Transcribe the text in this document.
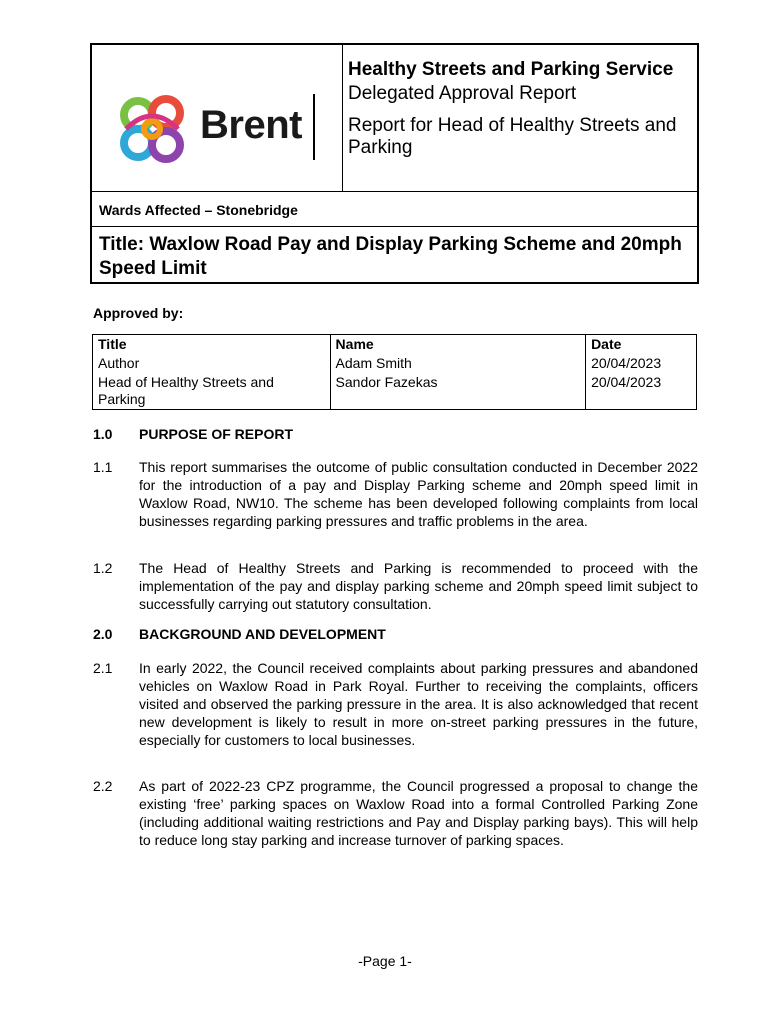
Brent
Healthy Streets and Parking Service
Delegated Approval Report
Report for Head of Healthy Streets and Parking
Wards Affected – Stonebridge
Title: Waxlow Road Pay and Display Parking Scheme and 20mph Speed Limit
Approved by:
Title	Name	Date
Author	Adam Smith	20/04/2023
Head of Healthy Streets and Parking	Sandor Fazekas	20/04/2023
1.0 PURPOSE OF REPORT
1.1 This report summarises the outcome of public consultation conducted in December 2022 for the introduction of a pay and Display Parking scheme and 20mph speed limit in Waxlow Road, NW10. The scheme has been developed following complaints from local businesses regarding parking pressures and traffic problems in the area.
1.2 The Head of Healthy Streets and Parking is recommended to proceed with the implementation of the pay and display parking scheme and 20mph speed limit subject to successfully carrying out statutory consultation.
2.0 BACKGROUND AND DEVELOPMENT
2.1 In early 2022, the Council received complaints about parking pressures and abandoned vehicles on Waxlow Road in Park Royal. Further to receiving the complaints, officers visited and observed the parking pressure in the area. It is also acknowledged that recent new development is likely to result in more on-street parking pressures in the future, especially for customers to local businesses.
2.2 As part of 2022-23 CPZ programme, the Council progressed a proposal to change the existing ‘free’ parking spaces on Waxlow Road into a formal Controlled Parking Zone (including additional waiting restrictions and Pay and Display parking bays). This will help to reduce long stay parking and increase turnover of parking spaces.
-Page 1-
